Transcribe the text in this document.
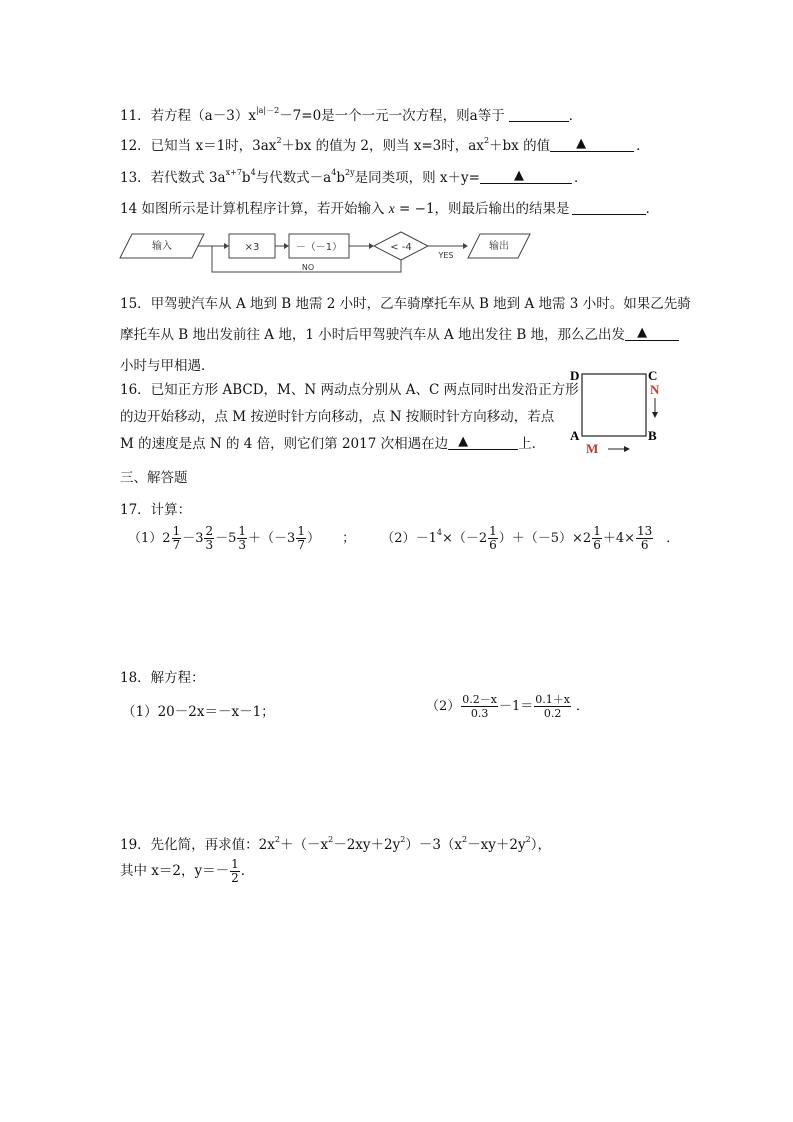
11．若方程$(a-3)x^{|a|-2}-7=0$是一个一元一次方程，则a等于	．
12．已知当 x＝1时，$3ax^2+bx$ 的值为 2，则当 x=3时，$ax^2+bx$ 的值 ▲	．
13．若代数式 $3a^{x+7}b^4$与代数式$-a^4b^{2y}$是同类项，则 x＋y=	▲	．
14 如图所示是计算机程序计算，若开始输入 x = −1，则最后输出的结果是	．
输入	×3	－（－1）	< -4
YES
输出
NO
15．甲驾驶汽车从 A 地到 B 地需 2 小时，乙车骑摩托车从 B 地到 A 地需 3 小时。如果乙先骑
摩托车从 B 地出发前往 A 地，1 小时后甲驾驶汽车从 A 地出发往 B 地，那么乙出发 ▲
小时与甲相遇．
16．已知正方形 ABCD，M、N 两动点分别从 A、C 两点同时出发沿正方形
的边开始移动，点 M 按逆时针方向移动，点 N 按顺时针方向移动，若点
M 的速度是点 N 的 4 倍，则它们第 2017 次相遇在边 ▲	上．
D	C
N
A	B
M
三、解答题
17．计算：
$(1)2 \frac{1}{7} -3 \frac{2}{3} -5 \frac{1}{3} +(-3 \frac{1}{7}$ ） ； $(2)-1^4\times(-2 \frac{1}{6} )+(-5)\times 2 \frac{1}{6} +4\times \frac{13}{6}$ ．
18．解方程：
（1）20－2x＝－x－1；	$(2) \frac{0.2-x}{0.3} -1= \frac{0.1+x}{0.2}$ ．
19．先化简，再求值：$2x^2+(-x^2-2xy+2y^2)-3(x^2-xy+2y^2)$，
其中 x＝2，$y=- \frac{1}{2}$ ．
